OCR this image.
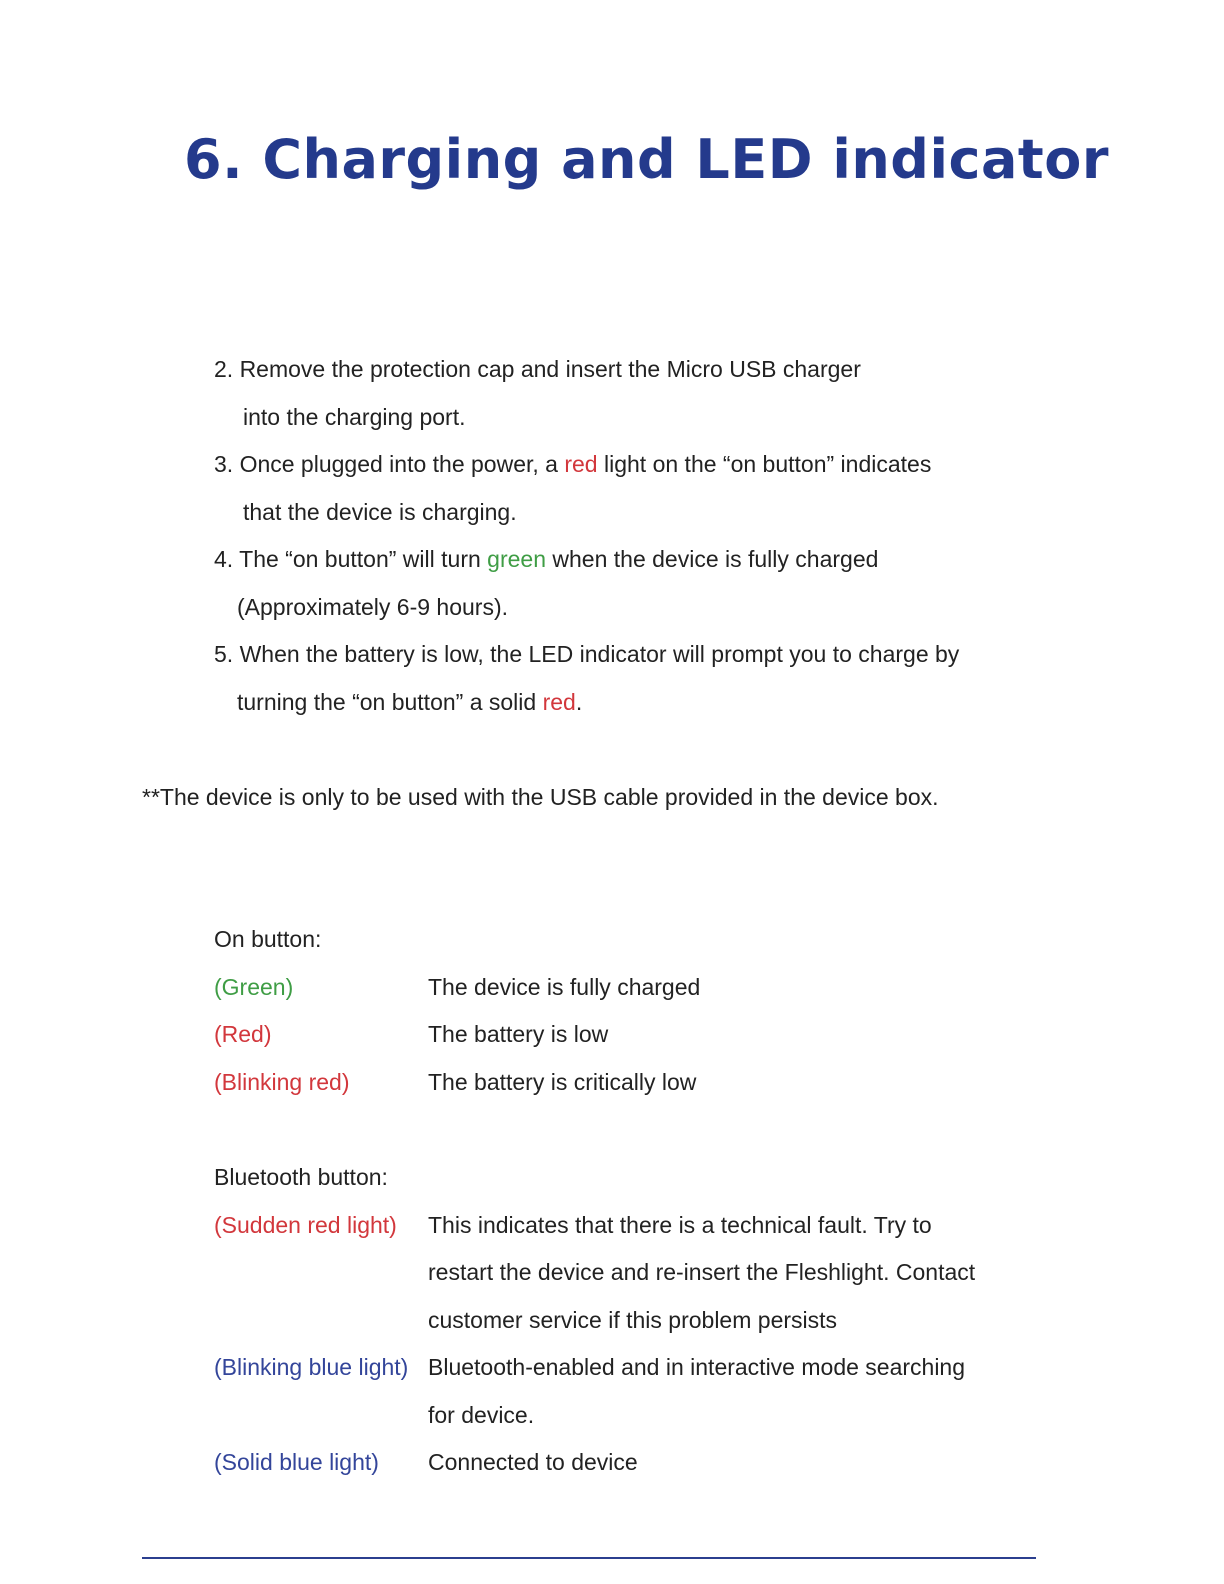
6. Charging and LED indicator
2. Remove the protection cap and insert the Micro USB charger
into the charging port.
3. Once plugged into the power, a red light on the “on button” indicates
that the device is charging.
4. The “on button” will turn green when the device is fully charged
(Approximately 6-9 hours).
5. When the battery is low, the LED indicator will prompt you to charge by
turning the “on button” a solid red.
**The device is only to be used with the USB cable provided in the device box.
On button:
(Green)	The device is fully charged
(Red)	The battery is low
(Blinking red)	The battery is critically low
Bluetooth button:
(Sudden red light)	This indicates that there is a technical fault. Try to
restart the device and re-insert the Fleshlight. Contact
customer service if this problem persists
(Blinking blue light) Bluetooth-enabled and in interactive mode searching
for device.
(Solid blue light)	Connected to device
